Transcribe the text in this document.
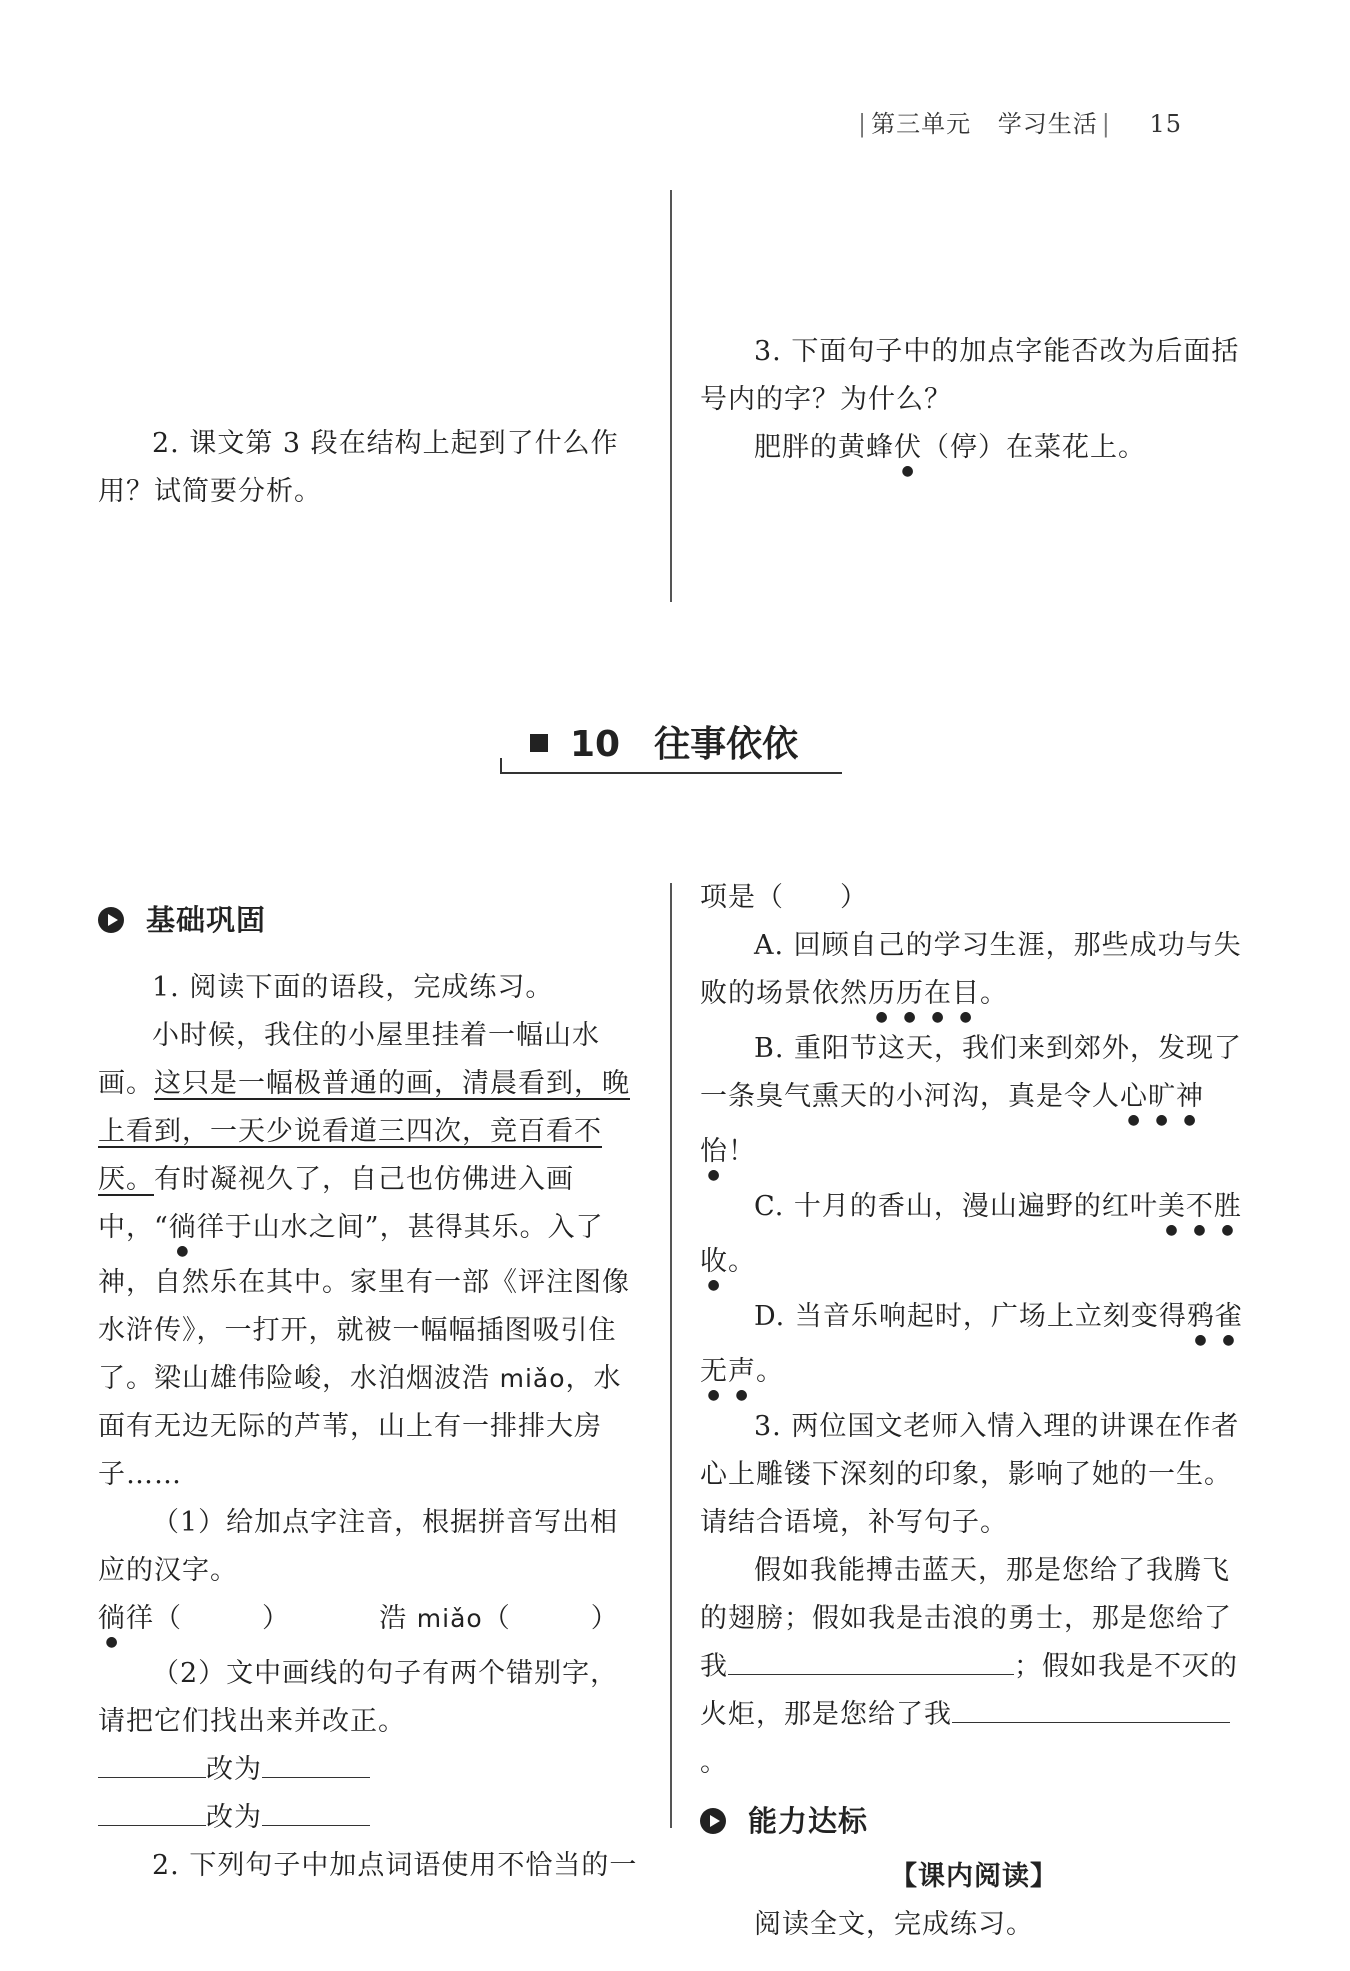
| 第三单元 学习生活 | 15

2. 课文第 3 段在结构上起到了什么作

用？试简要分析。

3. 下面句子中的加点字能否改为后面括

号内的字？为什么？

肥胖的黄蜂伏（停）在菜花上。

10 往事依依
基础巩固

1. 阅读下面的语段，完成练习。

小时候，我住的小屋里挂着一幅山水画。这只是一幅极普通的画，清晨看到，晚上看到，一天少说看道三四次，竞百看不厌。有时凝视久了，自己也仿佛进入画中，“徜徉于山水之间”，甚得其乐。入了神，自然乐在其中。家里有一部《评注图像水浒传》，一打开，就被一幅幅插图吸引住了。梁山雄伟险峻，水泊烟波浩 miǎo，水面有无边无际的芦苇，山上有一排排大房子……

（1）给加点字注音，根据拼音写出相应的汉字。

徜徉（	）	浩 miǎo（	）

（2）文中画线的句子有两个错别字，请把它们找出来并改正。

改为

改为

2. 下列句子中加点词语使用不恰当的一

项是（　　）

A. 回顾自己的学习生涯，那些成功与失败的场景依然历历在目。

B. 重阳节这天，我们来到郊外，发现了一条臭气熏天的小河沟，真是令人心旷神怡！

C. 十月的香山，漫山遍野的红叶美不胜收。

D. 当音乐响起时，广场上立刻变得鸦雀无声。

3. 两位国文老师入情入理的讲课在作者心上雕镂下深刻的印象，影响了她的一生。请结合语境，补写句子。

假如我能搏击蓝天，那是您给了我腾飞的翅膀；假如我是击浪的勇士，那是您给了我	；假如我是不灭的火炬，那是您给了我。

能力达标

【课内阅读】

阅读全文，完成练习。
